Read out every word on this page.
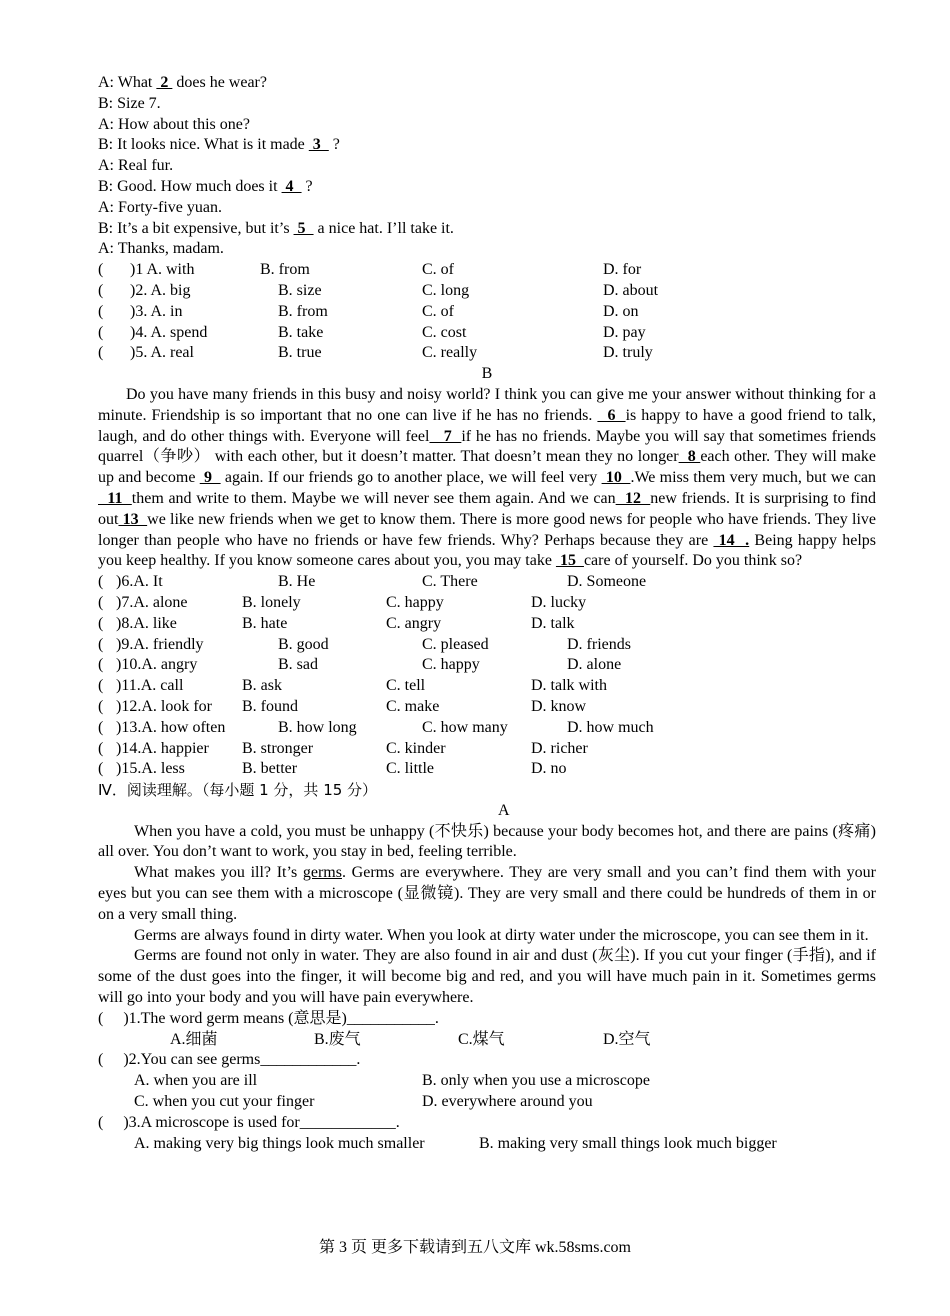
A: What  2  does he wear?
B: Size 7.
A: How about this one?
B: It looks nice. What is it made  3   ?
A: Real fur.
B: Good. How much does it  4   ?
A: Forty-five yuan.
B: It’s a bit expensive, but it’s  5   a nice hat. I’ll take it.
A: Thanks, madam.
( )1 A. with	B. from	C. of	D. for
( )2. A. big	B. size	C. long	D. about
( )3. A. in	B. from	C. of	D. on
( )4. A. spend	B. take	C. cost	D. pay
( )5. A. real	B. true	C. really	D. truly
B
Do you have many friends in this busy and noisy world? I think you can give me your answer without thinking for a minute. Friendship is so important that no one can live if he has no friends.   6  is happy to have a good friend to talk, laugh, and do other things with. Everyone will feel   7  if he has no friends. Maybe you will say that sometimes friends quarrel（争吵） with each other, but it doesn’t matter. That doesn’t mean they no longer  8 each other. They will make up and become  9   again. If our friends go to another place, we will feel very  10  .We miss them very much, but we can  11  them and write to them. Maybe we will never see them again. And we can  12  new friends. It is surprising to find out 13  we like new friends when we get to know them. There is more good news for people who have friends. They live longer than people who have no friends or have few friends. Why? Perhaps because they are  14  . Being happy helps you keep healthy. If you know someone cares about you, you may take  15  care of yourself. Do you think so?
( )6.A. It	B. He	C. There	D. Someone
( )7.A. alone	B. lonely	C. happy	D. lucky
( )8.A. like	B. hate	C. angry	D. talk
( )9.A. friendly	B. good	C. pleased	D. friends
( )10.A. angry	B. sad	C. happy	D. alone
( )11.A. call	B. ask	C. tell	D. talk with
( )12.A. look for B. found	C. make	D. know
( )13.A. how often	B. how long	C. how many	D. how much
( )14.A. happier B. stronger	C. kinder	D. richer
( )15.A. less	B. better	C. little	D. no
Ⅳ．阅读理解。（每小题 1 分，共 15 分）
A
When you have a cold, you must be unhappy (不快乐) because your body becomes hot, and there are pains (疼痛) all over. You don’t want to work, you stay in bed, feeling terrible.
What makes you ill? It’s germs. Germs are everywhere. They are very small and you can’t find them with your eyes but you can see them with a microscope (显微镜). They are very small and there could be hundreds of them in or on a very small thing.
Germs are always found in dirty water. When you look at dirty water under the microscope, you can see them in it.
Germs are found not only in water. They are also found in air and dust (灰尘). If you cut your finger (手指), and if some of the dust goes into the finger, it will become big and red, and you will have much pain in it. Sometimes germs will go into your body and you will have pain everywhere.
(     )1.The word germ means (意思是)___________.
A.细菌	B.废气	C.煤气	D.空气
(     )2.You can see germs____________.
A. when you are ill	B. only when you use a microscope
C. when you cut your finger	D. everywhere around you
(     )3.A microscope is used for____________.
A. making very big things look much smaller	B. making very small things look much bigger
第 3 页 更多下载请到五八文库 wk.58sms.com
